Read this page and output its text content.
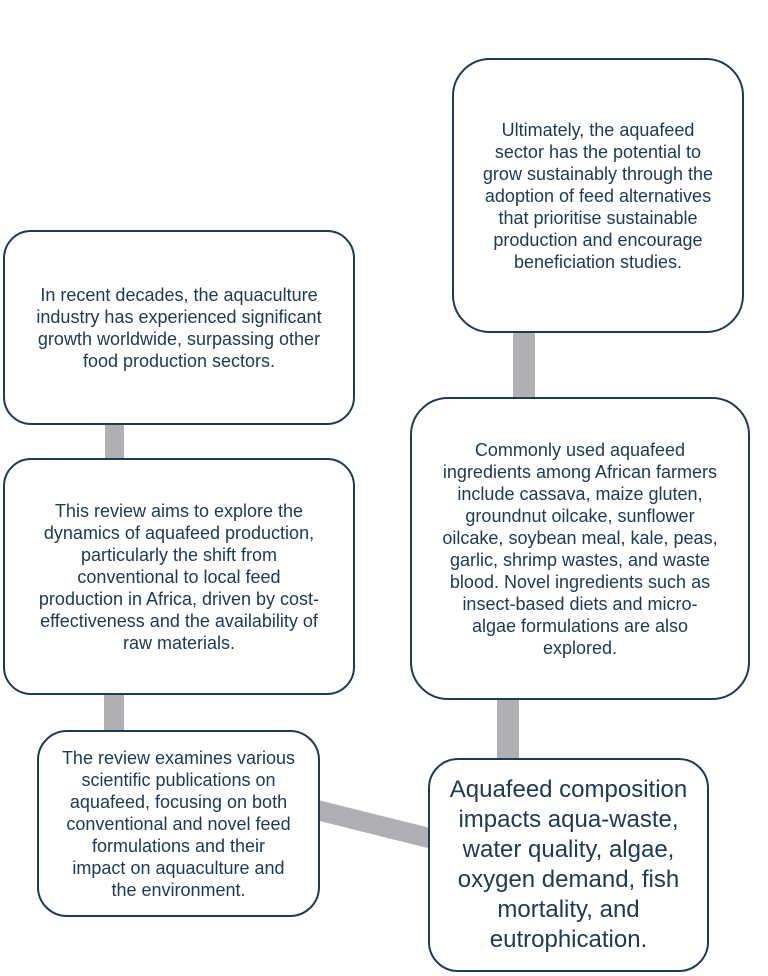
In recent decades, the aquaculture
industry has experienced significant
growth worldwide, surpassing other
food production sectors.
Ultimately, the aquafeed
sector has the potential to
grow sustainably through the
adoption of feed alternatives
that prioritise sustainable
production and encourage
beneficiation studies.
This review aims to explore the
dynamics of aquafeed production,
particularly the shift from
conventional to local feed
production in Africa, driven by cost-
effectiveness and the availability of
raw materials.
Commonly used aquafeed
ingredients among African farmers
include cassava, maize gluten,
groundnut oilcake, sunflower
oilcake, soybean meal, kale, peas,
garlic, shrimp wastes, and waste
blood. Novel ingredients such as
insect-based diets and micro-
algae formulations are also
explored.
The review examines various
scientific publications on
aquafeed, focusing on both
conventional and novel feed
formulations and their
impact on aquaculture and
the environment.
Aquafeed composition
impacts aqua-waste,
water quality, algae,
oxygen demand, fish
mortality, and
eutrophication.
